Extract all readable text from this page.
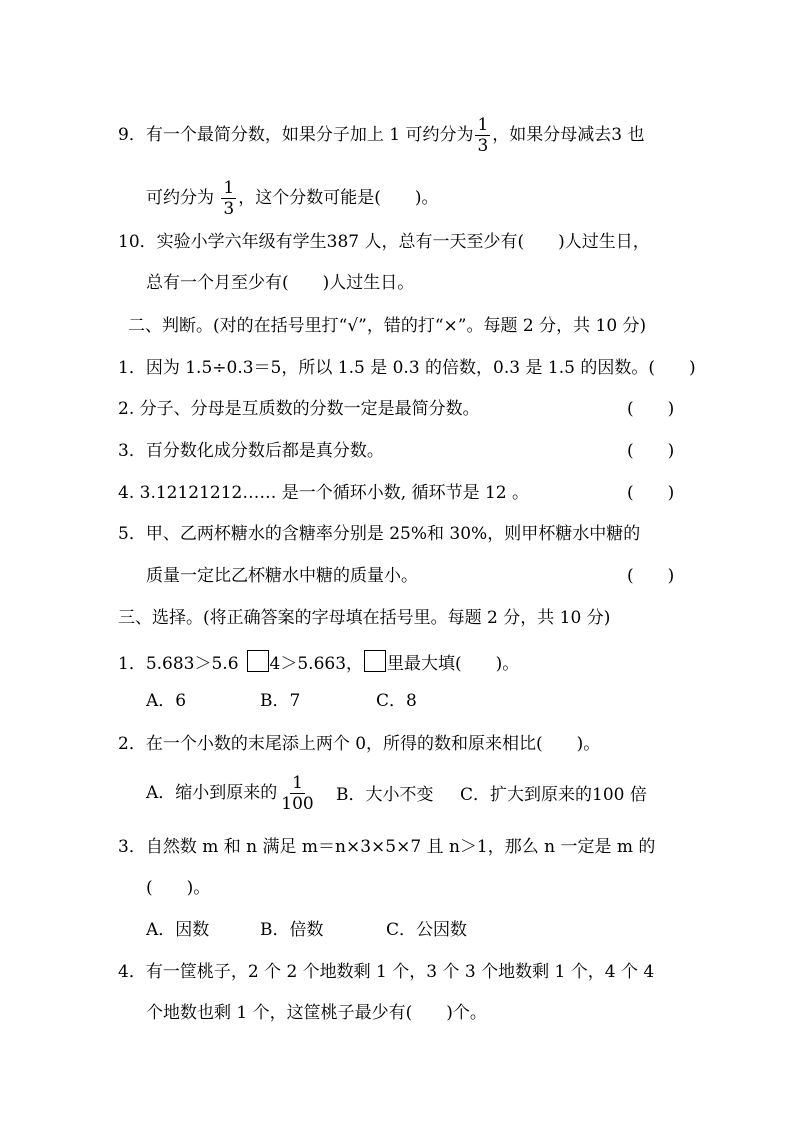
9．有一个最简分数，如果分子加上 1 可约分为 $\frac{1}{3}$ ，如果分母减去3 也
可约分为 $\frac{1}{3}$ ，这个分数可能是(　　)。
10．实验小学六年级有学生387 人，总有一天至少有(　　)人过生日，
总有一个月至少有(　　)人过生日。
二、判断。(对的在括号里打“√”，错的打“×”。每题 2 分，共 10 分)
1．因为 1.5÷0.3＝5，所以 1.5 是 0.3 的倍数，0.3 是 1.5 的因数。(　　)
2. 分子、分母是互质数的分数一定是最简分数。	(　　)
3．百分数化成分数后都是真分数。	(　　)
4. 3.12121212…… 是一个循环小数, 循环节是 12 。	(　　)
5．甲、乙两杯糖水的含糖率分别是 25%和 30%，则甲杯糖水中糖的
质量一定比乙杯糖水中糖的质量小。	(　　)
三、选择。(将正确答案的字母填在括号里。每题 2 分，共 10 分)
1．5.683＞5.6 4＞5.663， 里最大填(　　)。
A．6	B．7	C．8
2．在一个小数的末尾添上两个 0，所得的数和原来相比(　　)。
A．缩小到原来的 $\frac{1}{100}$ B．大小不变 C．扩大到原来的100 倍
3．自然数 m 和 n 满足 m＝n×3×5×7 且 n＞1，那么 n 一定是 m 的
(　　)。
A．因数	B．倍数	C．公因数
4．有一筐桃子，2 个 2 个地数剩 1 个，3 个 3 个地数剩 1 个，4 个 4
个地数也剩 1 个，这筐桃子最少有(　　)个。
